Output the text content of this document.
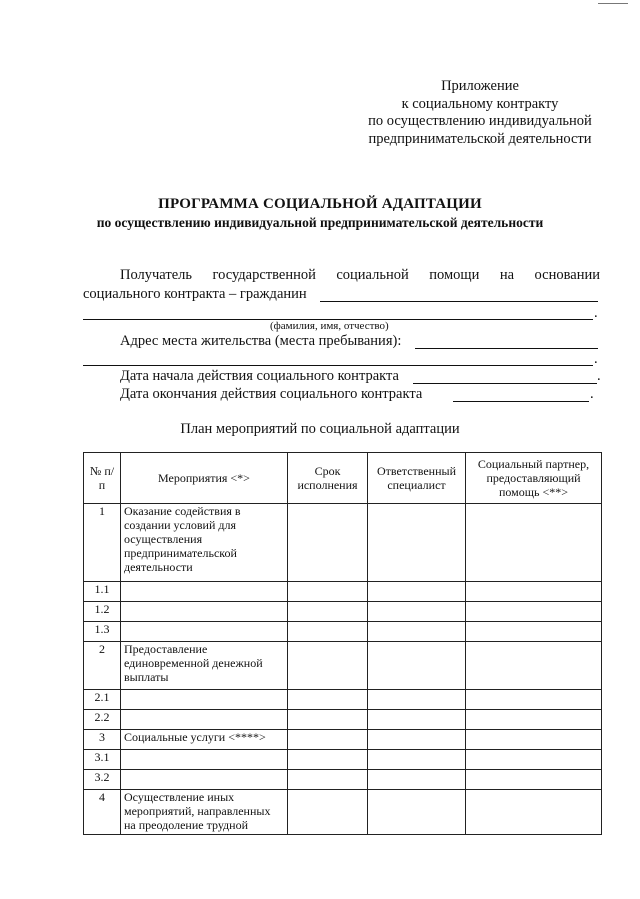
Приложение
к социальному контракту
по осуществлению индивидуальной
предпринимательской деятельности
ПРОГРАММА СОЦИАЛЬНОЙ АДАПТАЦИИ
по осуществлению индивидуальной предпринимательской деятельности
Получатель государственной социальной помощи на основании
социального контракта – гражданин
.
(фамилия, имя, отчество)
Адрес места жительства (места пребывания):
.
Дата начала действия социального контракта	.
Дата окончания действия социального контракта	.
План мероприятий по социальной адаптации
№ п/п	Мероприятия <*>	Срок исполнения	Ответственный специалист	Социальный партнер, предоставляющий помощь <**>
1	Оказание содействия в создании условий для осуществления предпринимательской деятельности			
1.1				
1.2				
1.3				
2	Предоставление единовременной денежной выплаты			
2.1				
2.2				
3	Социальные услуги <****>			
3.1				
3.2				
4	Осуществление иных мероприятий, направленных на преодоление трудной			
